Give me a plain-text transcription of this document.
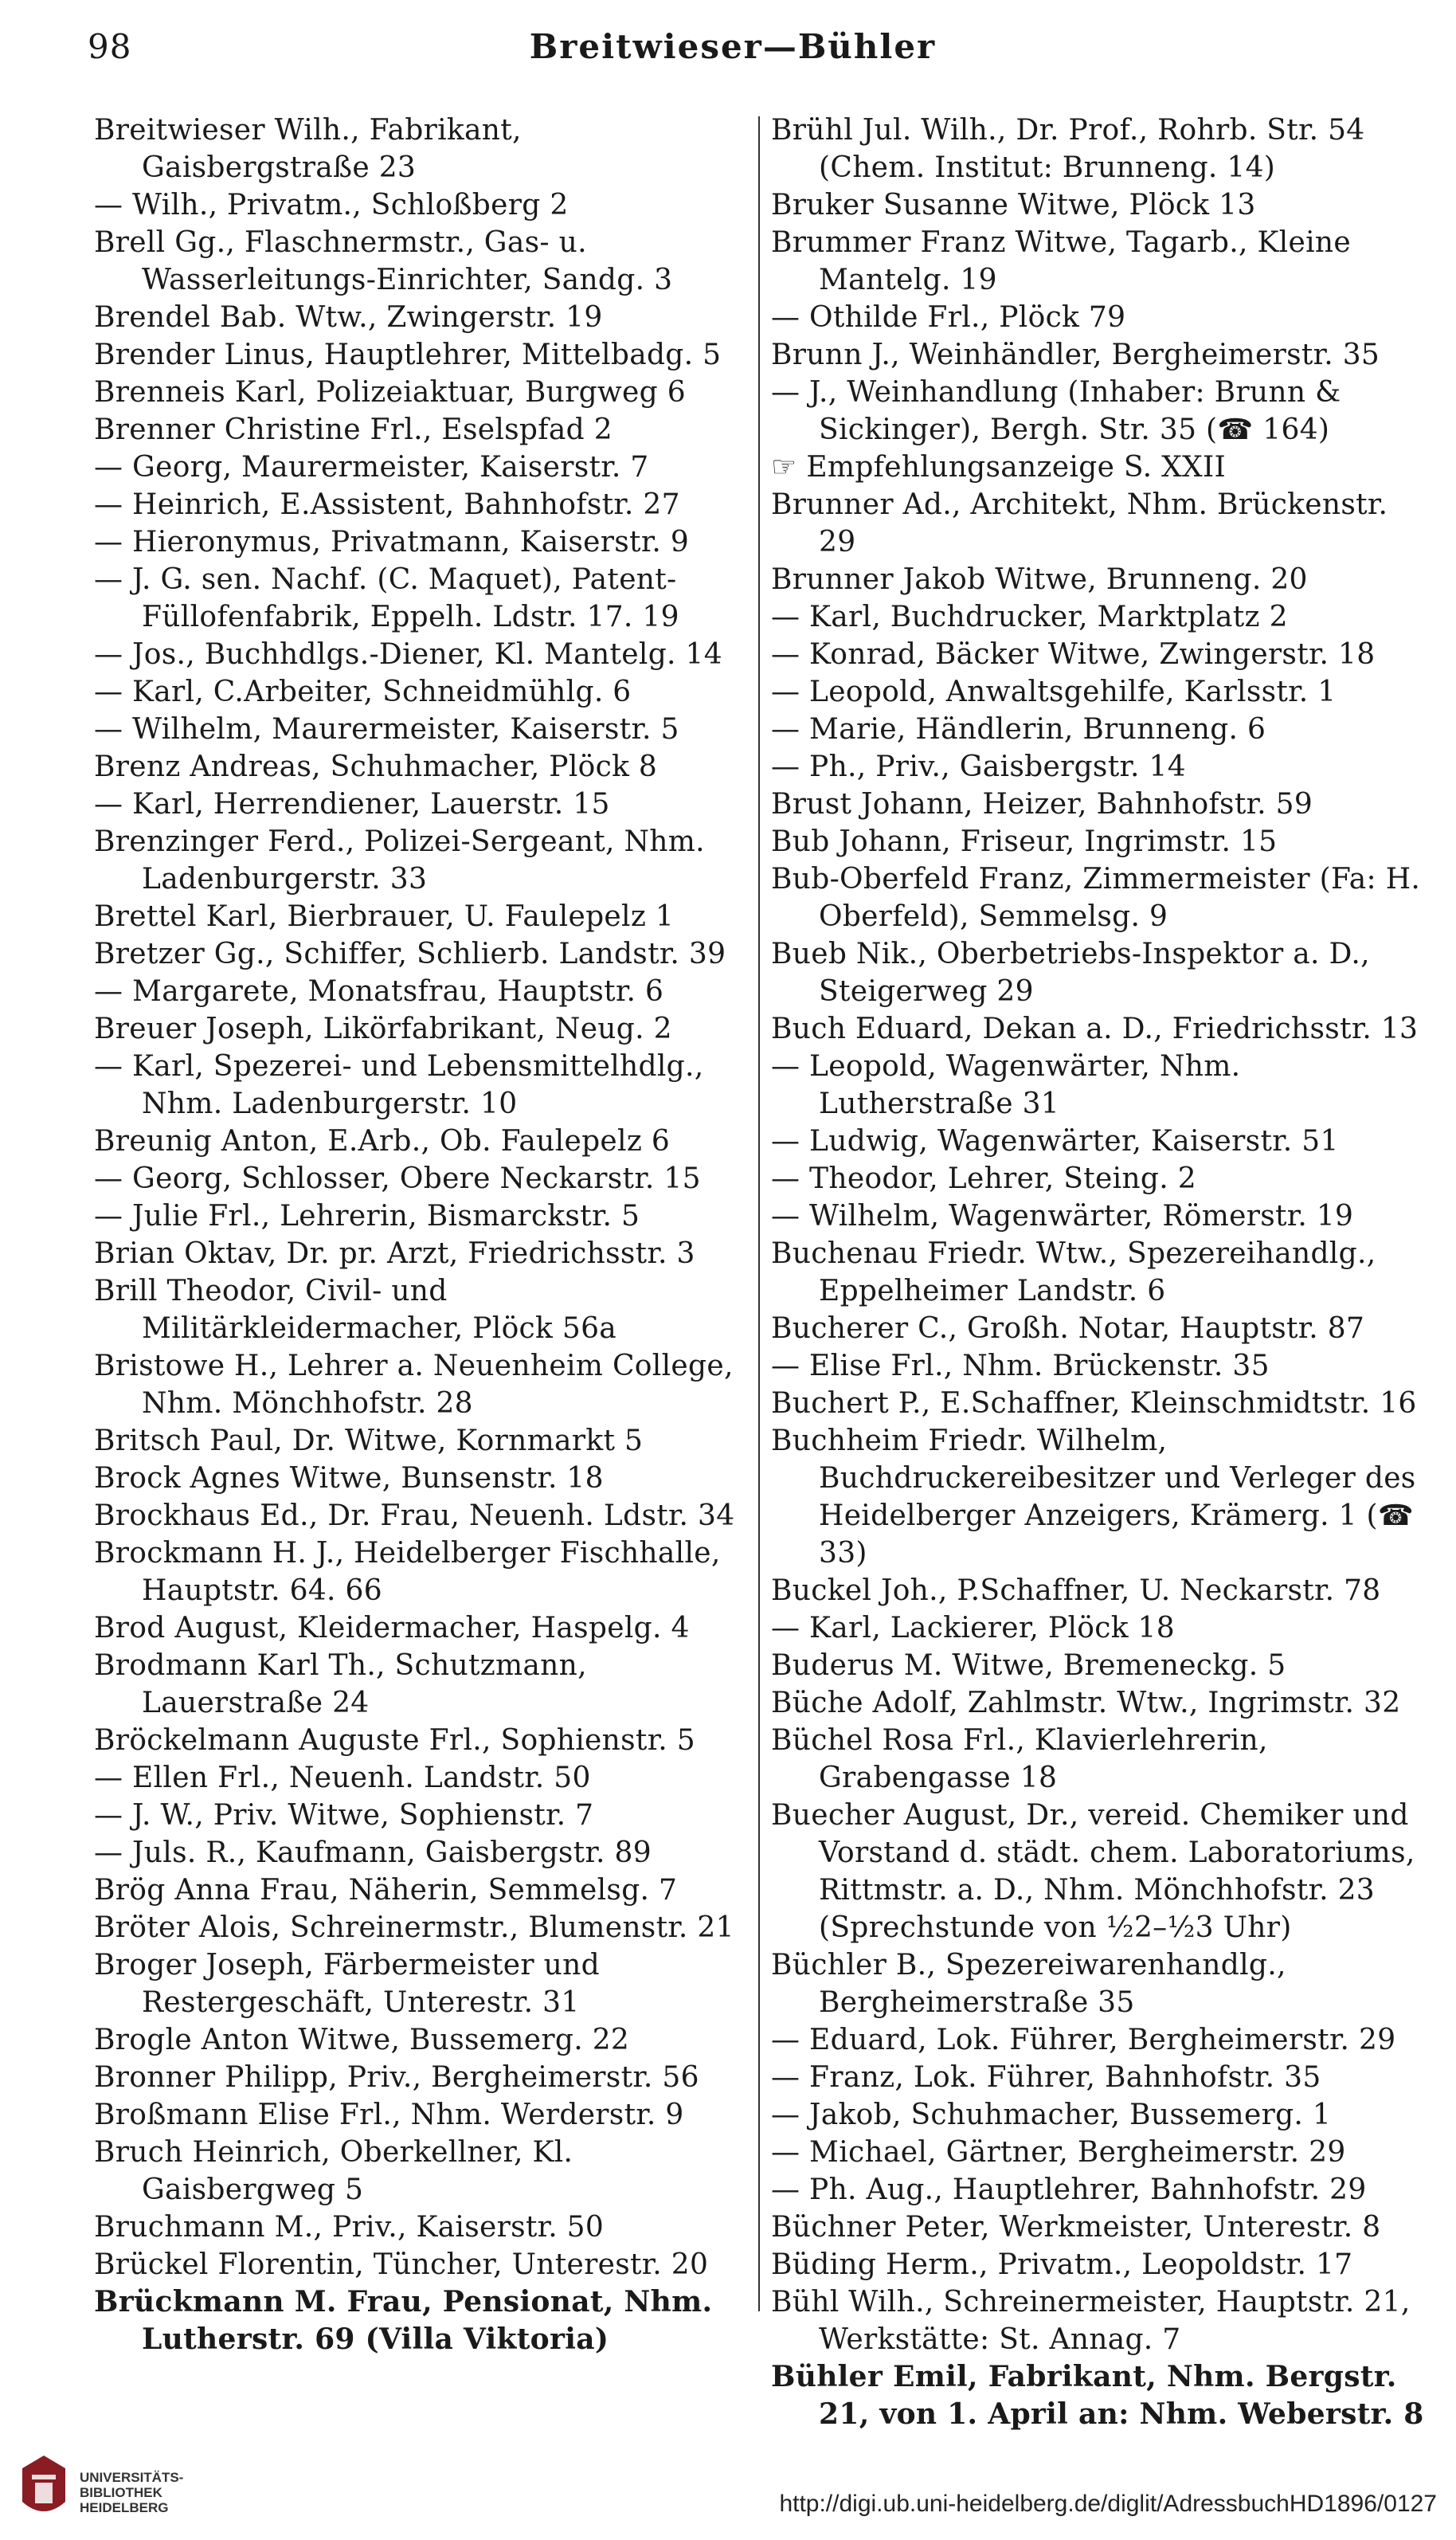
98	Breitwieser—Bühler
Breitwieser Wilh., Fabrikant, Gaisbergstraße 23
— Wilh., Privatm., Schloßberg 2
Brell Gg., Flaschnermstr., Gas- u. Wasserleitungs-Einrichter, Sandg. 3
Brendel Bab. Wtw., Zwingerstr. 19
Brender Linus, Hauptlehrer, Mittelbadg. 5
Brenneis Karl, Polizeiaktuar, Burgweg 6
Brenner Christine Frl., Eselspfad 2
— Georg, Maurermeister, Kaiserstr. 7
— Heinrich, E.Assistent, Bahnhofstr. 27
— Hieronymus, Privatmann, Kaiserstr. 9
— J. G. sen. Nachf. (C. Maquet), Patent-Füllofenfabrik, Eppelh. Ldstr. 17. 19
— Jos., Buchhdlgs.-Diener, Kl. Mantelg. 14
— Karl, C.Arbeiter, Schneidmühlg. 6
— Wilhelm, Maurermeister, Kaiserstr. 5
Brenz Andreas, Schuhmacher, Plöck 8
— Karl, Herrendiener, Lauerstr. 15
Brenzinger Ferd., Polizei-Sergeant, Nhm. Ladenburgerstr. 33
Brettel Karl, Bierbrauer, U. Faulepelz 1
Bretzer Gg., Schiffer, Schlierb. Landstr. 39
— Margarete, Monatsfrau, Hauptstr. 6
Breuer Joseph, Likörfabrikant, Neug. 2
— Karl, Spezerei- und Lebensmittelhdlg., Nhm. Ladenburgerstr. 10
Breunig Anton, E.Arb., Ob. Faulepelz 6
— Georg, Schlosser, Obere Neckarstr. 15
— Julie Frl., Lehrerin, Bismarckstr. 5
Brian Oktav, Dr. pr. Arzt, Friedrichsstr. 3
Brill Theodor, Civil- und Militärkleidermacher, Plöck 56a
Bristowe H., Lehrer a. Neuenheim College, Nhm. Mönchhofstr. 28
Britsch Paul, Dr. Witwe, Kornmarkt 5
Brock Agnes Witwe, Bunsenstr. 18
Brockhaus Ed., Dr. Frau, Neuenh. Ldstr. 34
Brockmann H. J., Heidelberger Fischhalle, Hauptstr. 64. 66
Brod August, Kleidermacher, Haspelg. 4
Brodmann Karl Th., Schutzmann, Lauerstraße 24
Bröckelmann Auguste Frl., Sophienstr. 5
— Ellen Frl., Neuenh. Landstr. 50
— J. W., Priv. Witwe, Sophienstr. 7
— Juls. R., Kaufmann, Gaisbergstr. 89
Brög Anna Frau, Näherin, Semmelsg. 7
Bröter Alois, Schreinermstr., Blumenstr. 21
Broger Joseph, Färbermeister und Restergeschäft, Unterestr. 31
Brogle Anton Witwe, Bussemerg. 22
Bronner Philipp, Priv., Bergheimerstr. 56
Broßmann Elise Frl., Nhm. Werderstr. 9
Bruch Heinrich, Oberkellner, Kl. Gaisbergweg 5
Bruchmann M., Priv., Kaiserstr. 50
Brückel Florentin, Tüncher, Unterestr. 20
Brückmann M. Frau, Pensionat, Nhm. Lutherstr. 69 (Villa Viktoria)
Brühl Jul. Wilh., Dr. Prof., Rohrb. Str. 54 (Chem. Institut: Brunneng. 14)
Bruker Susanne Witwe, Plöck 13
Brummer Franz Witwe, Tagarb., Kleine Mantelg. 19
— Othilde Frl., Plöck 79
Brunn J., Weinhändler, Bergheimerstr. 35
— J., Weinhandlung (Inhaber: Brunn & Sickinger), Bergh. Str. 35 (☎ 164)
☞ Empfehlungsanzeige S. XXII
Brunner Ad., Architekt, Nhm. Brückenstr. 29
Brunner Jakob Witwe, Brunneng. 20
— Karl, Buchdrucker, Marktplatz 2
— Konrad, Bäcker Witwe, Zwingerstr. 18
— Leopold, Anwaltsgehilfe, Karlsstr. 1
— Marie, Händlerin, Brunneng. 6
— Ph., Priv., Gaisbergstr. 14
Brust Johann, Heizer, Bahnhofstr. 59
Bub Johann, Friseur, Ingrimstr. 15
Bub-Oberfeld Franz, Zimmermeister (Fa: H. Oberfeld), Semmelsg. 9
Bueb Nik., Oberbetriebs-Inspektor a. D., Steigerweg 29
Buch Eduard, Dekan a. D., Friedrichsstr. 13
— Leopold, Wagenwärter, Nhm. Lutherstraße 31
— Ludwig, Wagenwärter, Kaiserstr. 51
— Theodor, Lehrer, Steing. 2
— Wilhelm, Wagenwärter, Römerstr. 19
Buchenau Friedr. Wtw., Spezereihandlg., Eppelheimer Landstr. 6
Bucherer C., Großh. Notar, Hauptstr. 87
— Elise Frl., Nhm. Brückenstr. 35
Buchert P., E.Schaffner, Kleinschmidtstr. 16
Buchheim Friedr. Wilhelm, Buchdruckereibesitzer und Verleger des Heidelberger Anzeigers, Krämerg. 1 (☎ 33)
Buckel Joh., P.Schaffner, U. Neckarstr. 78
— Karl, Lackierer, Plöck 18
Buderus M. Witwe, Bremeneckg. 5
Büche Adolf, Zahlmstr. Wtw., Ingrimstr. 32
Büchel Rosa Frl., Klavierlehrerin, Grabengasse 18
Buecher August, Dr., vereid. Chemiker und Vorstand d. städt. chem. Laboratoriums, Rittmstr. a. D., Nhm. Mönchhofstr. 23 (Sprechstunde von ½2–½3 Uhr)
Büchler B., Spezereiwarenhandlg., Bergheimerstraße 35
— Eduard, Lok. Führer, Bergheimerstr. 29
— Franz, Lok. Führer, Bahnhofstr. 35
— Jakob, Schuhmacher, Bussemerg. 1
— Michael, Gärtner, Bergheimerstr. 29
— Ph. Aug., Hauptlehrer, Bahnhofstr. 29
Büchner Peter, Werkmeister, Unterestr. 8
Büding Herm., Privatm., Leopoldstr. 17
Bühl Wilh., Schreinermeister, Hauptstr. 21, Werkstätte: St. Annag. 7
Bühler Emil, Fabrikant, Nhm. Bergstr. 21, von 1. April an: Nhm. Weberstr. 8
UNIVERSITÄTS-
BIBLIOTHEK
HEIDELBERG	http://digi.ub.uni-heidelberg.de/diglit/AdressbuchHD1896/0127
